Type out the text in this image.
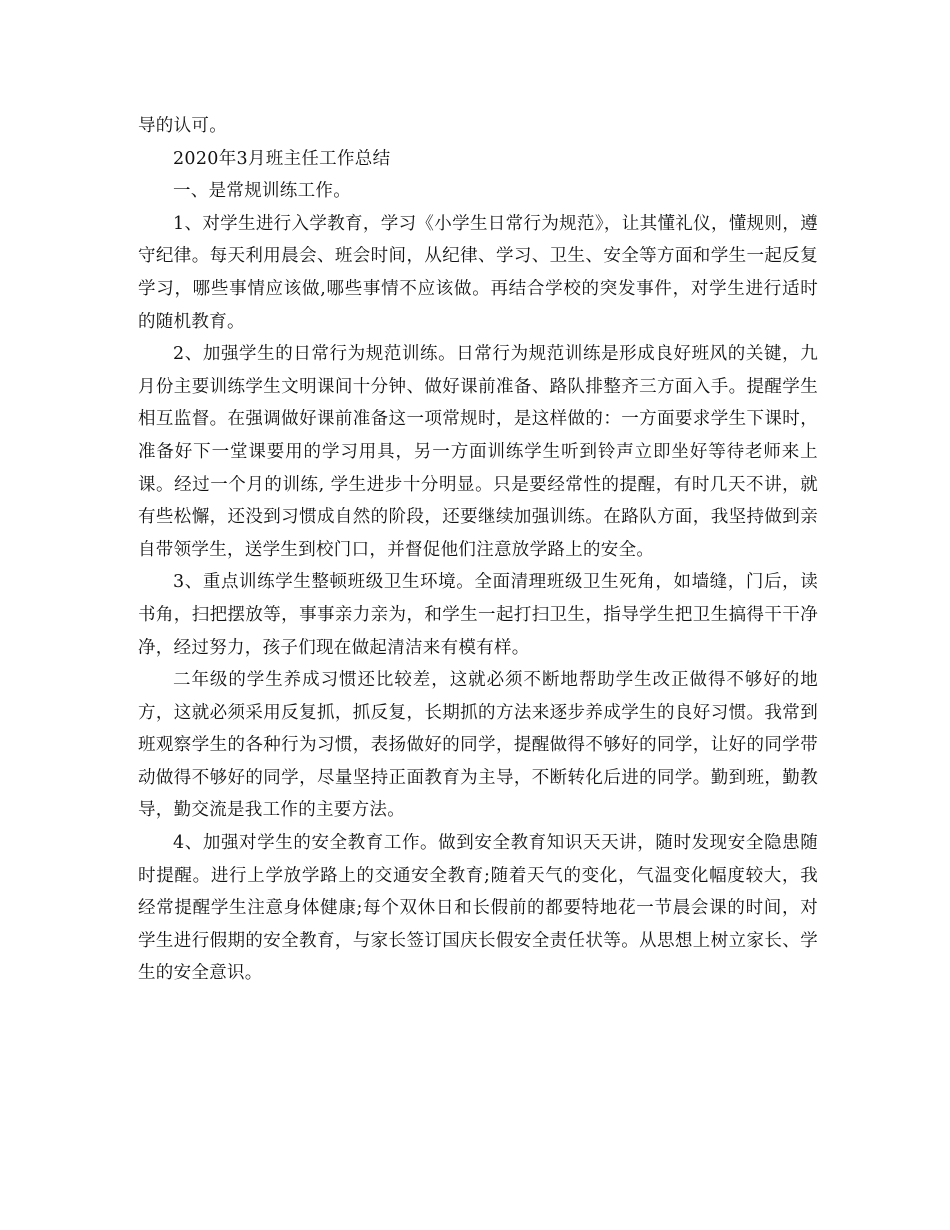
导的认可。

2020年3月班主任工作总结

一、是常规训练工作。

1、对学生进行入学教育，学习《小学生日常行为规范》，让其懂礼仪，懂规则，遵守纪律。每天利用晨会、班会时间，从纪律、学习、卫生、安全等方面和学生一起反复学习，哪些事情应该做,哪些事情不应该做。再结合学校的突发事件，对学生进行适时的随机教育。

2、加强学生的日常行为规范训练。日常行为规范训练是形成良好班风的关键，九月份主要训练学生文明课间十分钟、做好课前准备、路队排整齐三方面入手。提醒学生相互监督。在强调做好课前准备这一项常规时，是这样做的：一方面要求学生下课时，准备好下一堂课要用的学习用具，另一方面训练学生听到铃声立即坐好等待老师来上课。经过一个月的训练, 学生进步十分明显。只是要经常性的提醒，有时几天不讲，就有些松懈，还没到习惯成自然的阶段，还要继续加强训练。在路队方面，我坚持做到亲自带领学生，送学生到校门口，并督促他们注意放学路上的安全。

3、重点训练学生整顿班级卫生环境。全面清理班级卫生死角，如墙缝，门后，读书角，扫把摆放等，事事亲力亲为，和学生一起打扫卫生，指导学生把卫生搞得干干净净，经过努力，孩子们现在做起清洁来有模有样。

二年级的学生养成习惯还比较差，这就必须不断地帮助学生改正做得不够好的地方，这就必须采用反复抓，抓反复，长期抓的方法来逐步养成学生的良好习惯。我常到班观察学生的各种行为习惯，表扬做好的同学，提醒做得不够好的同学，让好的同学带动做得不够好的同学，尽量坚持正面教育为主导，不断转化后进的同学。勤到班，勤教导，勤交流是我工作的主要方法。

4、加强对学生的安全教育工作。做到安全教育知识天天讲，随时发现安全隐患随时提醒。进行上学放学路上的交通安全教育;随着天气的变化，气温变化幅度较大，我经常提醒学生注意身体健康;每个双休日和长假前的都要特地花一节晨会课的时间，对学生进行假期的安全教育，与家长签订国庆长假安全责任状等。从思想上树立家长、学生的安全意识。
